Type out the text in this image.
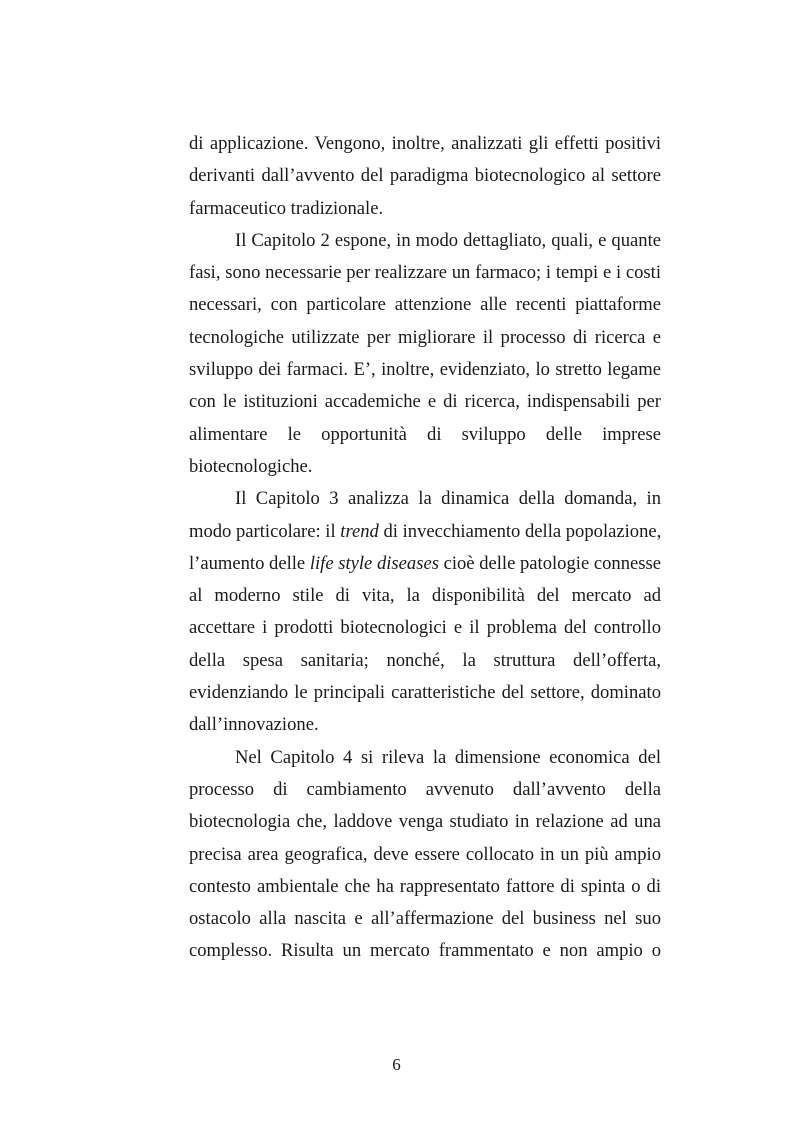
di applicazione. Vengono, inoltre, analizzati gli effetti positivi
derivanti dall’avvento del paradigma biotecnologico al settore
farmaceutico tradizionale.
Il Capitolo 2 espone, in modo dettagliato, quali, e quante
fasi, sono necessarie per realizzare un farmaco; i tempi e i costi
necessari, con particolare attenzione alle recenti piattaforme
tecnologiche utilizzate per migliorare il processo di ricerca e
sviluppo dei farmaci. E’, inoltre, evidenziato, lo stretto legame
con le istituzioni accademiche e di ricerca, indispensabili per
alimentare le opportunità di sviluppo delle imprese
biotecnologiche.
Il Capitolo 3 analizza la dinamica della domanda, in
modo particolare: il trend di invecchiamento della popolazione,
l’aumento delle life style diseases cioè delle patologie connesse
al moderno stile di vita, la disponibilità del mercato ad
accettare i prodotti biotecnologici e il problema del controllo
della spesa sanitaria; nonché, la struttura dell’offerta,
evidenziando le principali caratteristiche del settore, dominato
dall’innovazione.
Nel Capitolo 4 si rileva la dimensione economica del
processo di cambiamento avvenuto dall’avvento della
biotecnologia che, laddove venga studiato in relazione ad una
precisa area geografica, deve essere collocato in un più ampio
contesto ambientale che ha rappresentato fattore di spinta o di
ostacolo alla nascita e all’affermazione del business nel suo
complesso. Risulta un mercato frammentato e non ampio o
6
